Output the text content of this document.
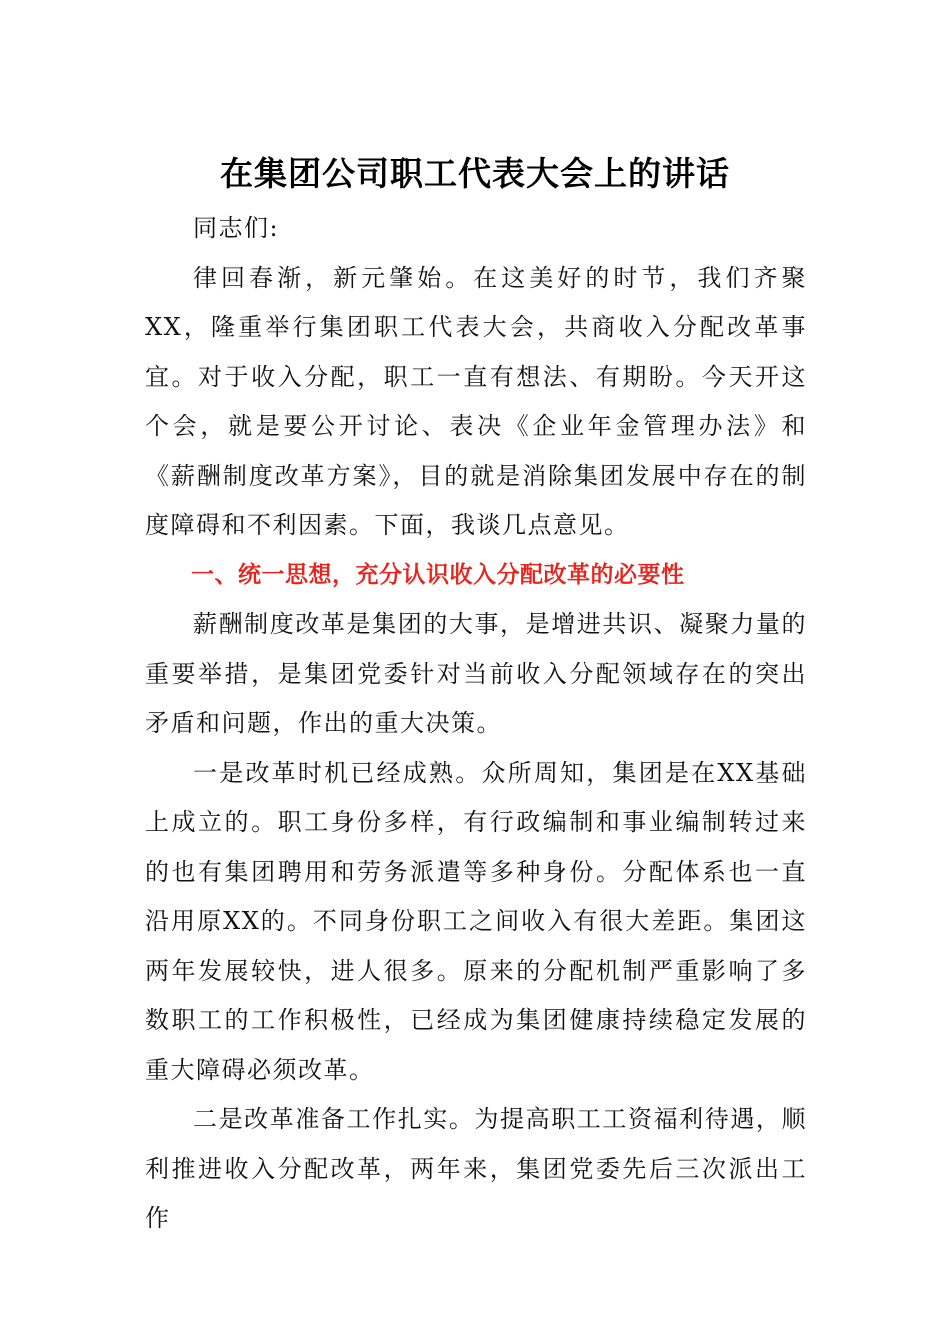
在集团公司职工代表大会上的讲话

同志们:

律回春渐，新元肇始。在这美好的时节，我们齐聚XX，隆重举行集团职工代表大会，共商收入分配改革事宜。对于收入分配，职工一直有想法、有期盼。今天开这个会，就是要公开讨论、表决《企业年金管理办法》和《薪酬制度改革方案》，目的就是消除集团发展中存在的制度障碍和不利因素。下面，我谈几点意见。

一、统一思想，充分认识收入分配改革的必要性

薪酬制度改革是集团的大事，是增进共识、凝聚力量的重要举措，是集团党委针对当前收入分配领域存在的突出矛盾和问题，作出的重大决策。

一是改革时机已经成熟。众所周知，集团是在XX基础上成立的。职工身份多样，有行政编制和事业编制转过来的也有集团聘用和劳务派遣等多种身份。分配体系也一直沿用原XX的。不同身份职工之间收入有很大差距。集团这两年发展较快，进人很多。原来的分配机制严重影响了多数职工的工作积极性，已经成为集团健康持续稳定发展的重大障碍必须改革。

二是改革准备工作扎实。为提高职工工资福利待遇，顺利推进收入分配改革，两年来，集团党委先后三次派出工作
